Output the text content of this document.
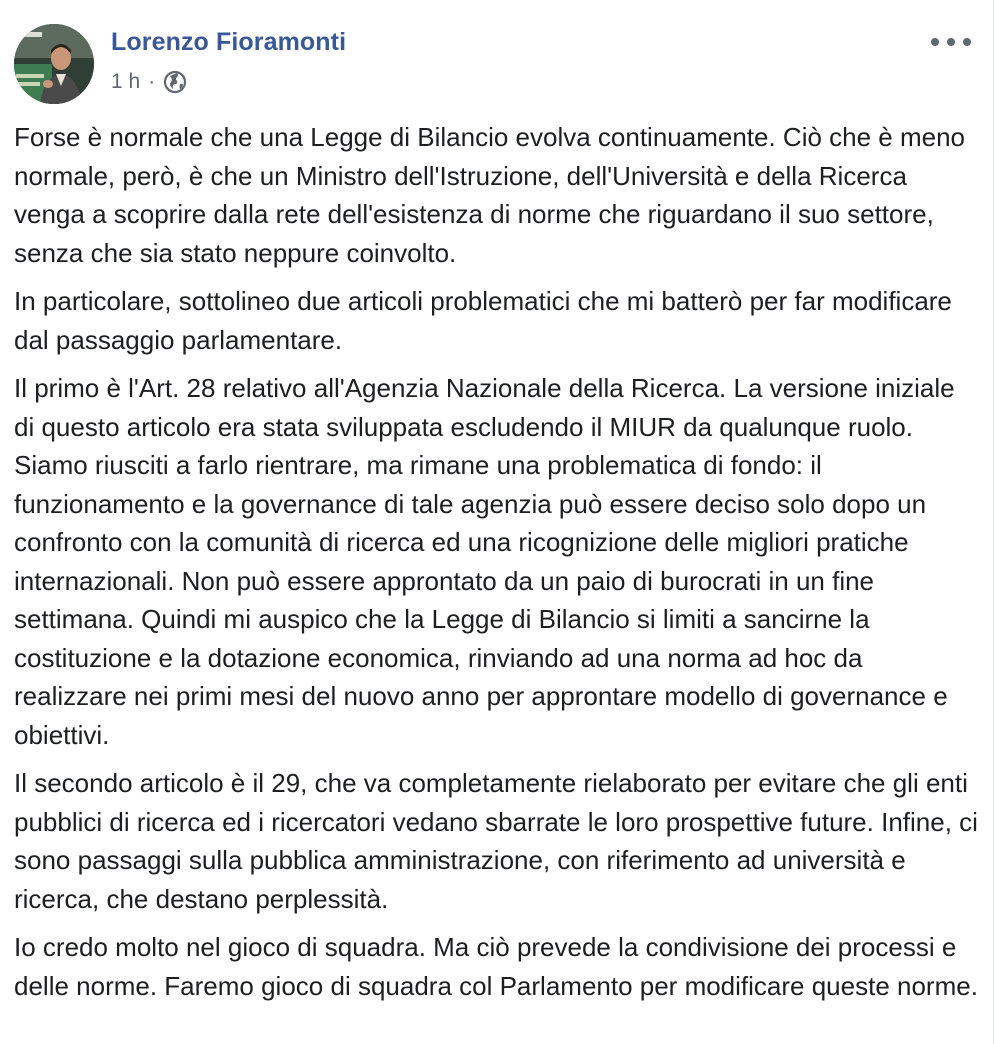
Lorenzo Fioramonti
1 h ·

Forse è normale che una Legge di Bilancio evolva continuamente. Ciò che è meno normale, però, è che un Ministro dell'Istruzione, dell'Università e della Ricerca venga a scoprire dalla rete dell'esistenza di norme che riguardano il suo settore, senza che sia stato neppure coinvolto.

In particolare, sottolineo due articoli problematici che mi batterò per far modificare dal passaggio parlamentare.

Il primo è l'Art. 28 relativo all'Agenzia Nazionale della Ricerca. La versione iniziale di questo articolo era stata sviluppata escludendo il MIUR da qualunque ruolo. Siamo riusciti a farlo rientrare, ma rimane una problematica di fondo: il funzionamento e la governance di tale agenzia può essere deciso solo dopo un confronto con la comunità di ricerca ed una ricognizione delle migliori pratiche internazionali. Non può essere approntato da un paio di burocrati in un fine settimana. Quindi mi auspico che la Legge di Bilancio si limiti a sancirne la costituzione e la dotazione economica, rinviando ad una norma ad hoc da realizzare nei primi mesi del nuovo anno per approntare modello di governance e obiettivi.

Il secondo articolo è il 29, che va completamente rielaborato per evitare che gli enti pubblici di ricerca ed i ricercatori vedano sbarrate le loro prospettive future. Infine, ci sono passaggi sulla pubblica amministrazione, con riferimento ad università e ricerca, che destano perplessità.

Io credo molto nel gioco di squadra. Ma ciò prevede la condivisione dei processi e delle norme. Faremo gioco di squadra col Parlamento per modificare queste norme.
